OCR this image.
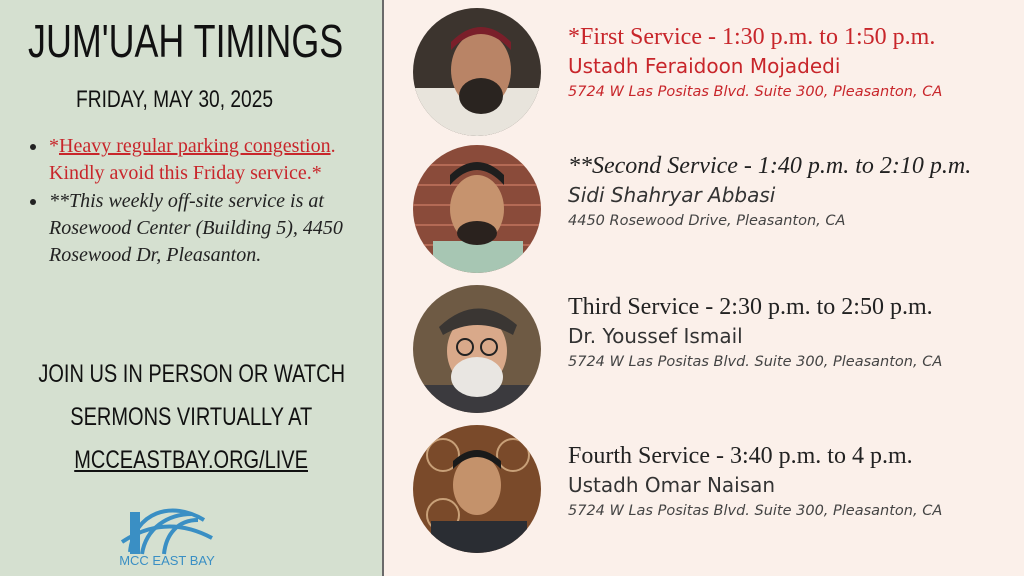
JUM'UAH TIMINGS
FRIDAY, MAY 30, 2025
*Heavy regular parking congestion. Kindly avoid this Friday service.*
**This weekly off-site service is at Rosewood Center (Building 5), 4450 Rosewood Dr, Pleasanton.
JOIN US IN PERSON OR WATCH
SERMONS VIRTUALLY AT
MCCEASTBAY.ORG/LIVE
MCC EAST BAY
*First Service - 1:30 p.m. to 1:50 p.m.
Ustadh Feraidoon Mojadedi
5724 W Las Positas Blvd. Suite 300, Pleasanton, CA
**Second Service - 1:40 p.m. to 2:10 p.m.
Sidi Shahryar Abbasi
4450 Rosewood Drive, Pleasanton, CA
Third Service - 2:30 p.m. to 2:50 p.m.
Dr. Youssef Ismail
5724 W Las Positas Blvd. Suite 300, Pleasanton, CA
Fourth Service - 3:40 p.m. to 4 p.m.
Ustadh Omar Naisan
5724 W Las Positas Blvd. Suite 300, Pleasanton, CA
